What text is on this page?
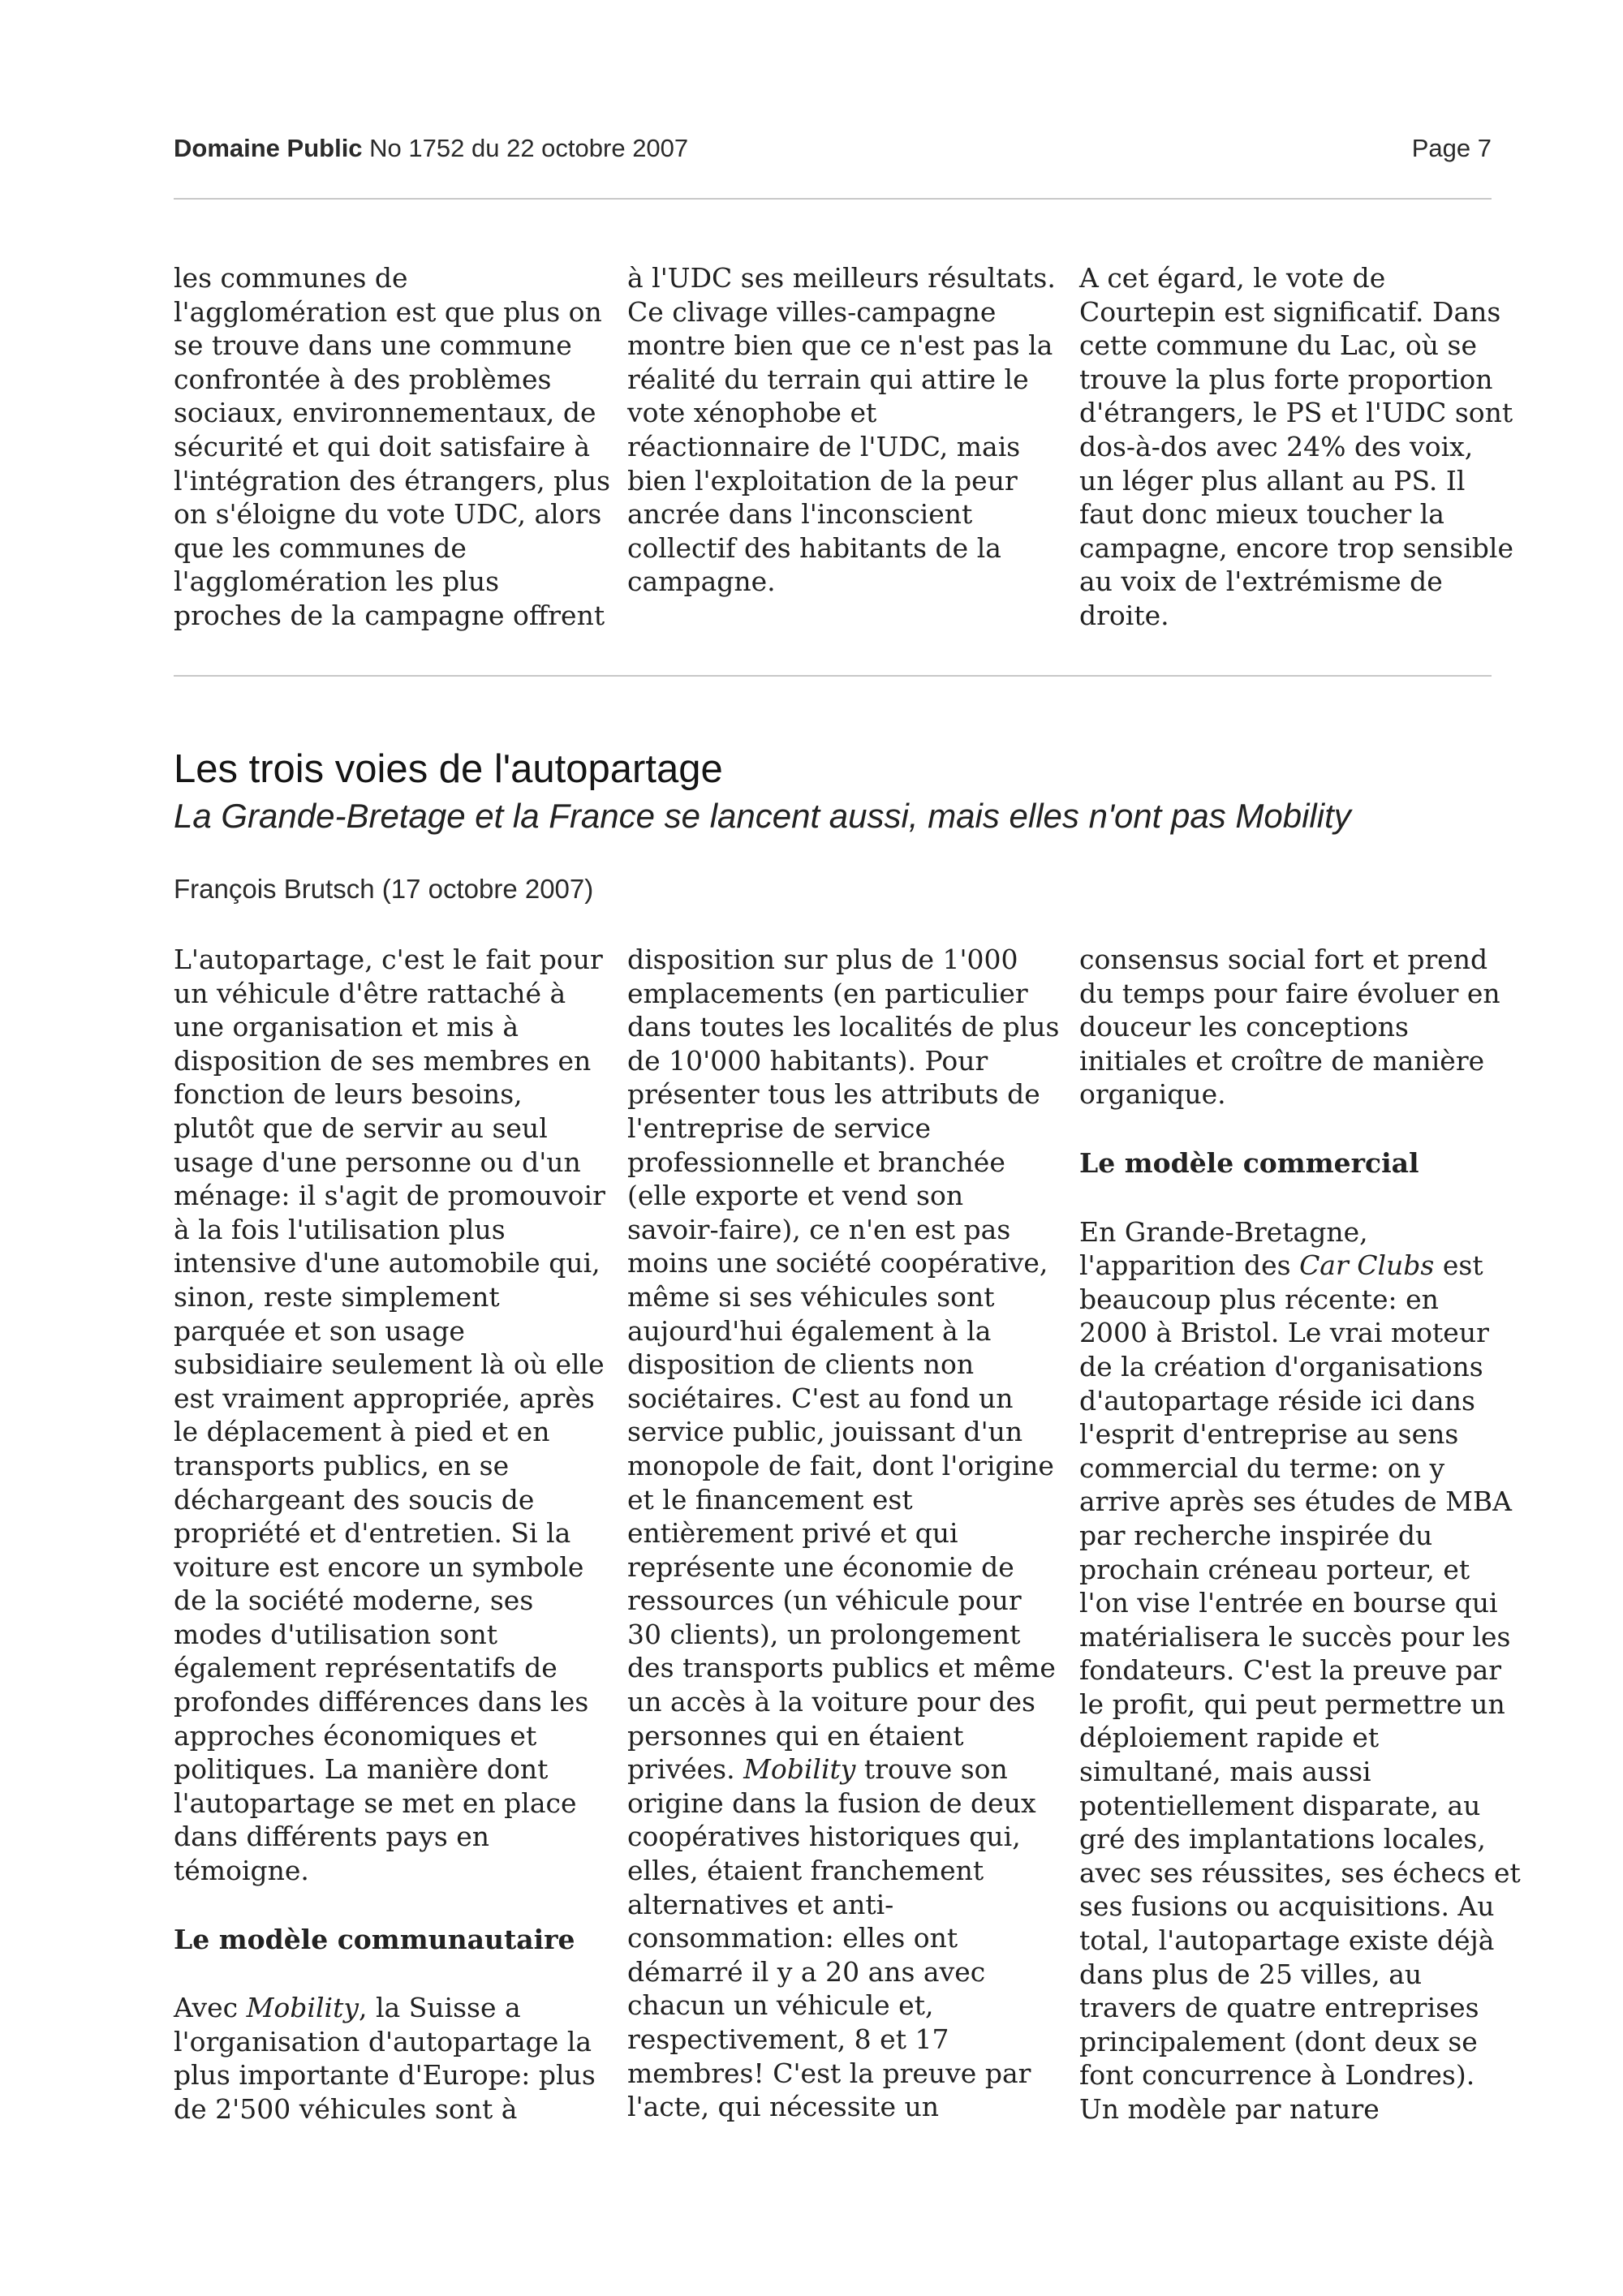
Domaine Public No 1752 du 22 octobre 2007	Page 7

les communes de
l'agglomération est que plus on
se trouve dans une commune
confrontée à des problèmes
sociaux, environnementaux, de
sécurité et qui doit satisfaire à
l'intégration des étrangers, plus
on s'éloigne du vote UDC, alors
que les communes de
l'agglomération les plus
proches de la campagne offrent

à l'UDC ses meilleurs résultats.
Ce clivage villes-campagne
montre bien que ce n'est pas la
réalité du terrain qui attire le
vote xénophobe et
réactionnaire de l'UDC, mais
bien l'exploitation de la peur
ancrée dans l'inconscient
collectif des habitants de la
campagne.

A cet égard, le vote de
Courtepin est significatif. Dans
cette commune du Lac, où se
trouve la plus forte proportion
d'étrangers, le PS et l'UDC sont
dos-à-dos avec 24% des voix,
un léger plus allant au PS. Il
faut donc mieux toucher la
campagne, encore trop sensible
au voix de l'extrémisme de
droite.

Les trois voies de l'autopartage
La Grande-Bretage et la France se lancent aussi, mais elles n'ont pas Mobility
François Brutsch (17 octobre 2007)

L'autopartage, c'est le fait pour
un véhicule d'être rattaché à
une organisation et mis à
disposition de ses membres en
fonction de leurs besoins,
plutôt que de servir au seul
usage d'une personne ou d'un
ménage: il s'agit de promouvoir
à la fois l'utilisation plus
intensive d'une automobile qui,
sinon, reste simplement
parquée et son usage
subsidiaire seulement là où elle
est vraiment appropriée, après
le déplacement à pied et en
transports publics, en se
déchargeant des soucis de
propriété et d'entretien. Si la
voiture est encore un symbole
de la société moderne, ses
modes d'utilisation sont
également représentatifs de
profondes différences dans les
approches économiques et
politiques. La manière dont
l'autopartage se met en place
dans différents pays en
témoigne.

Le modèle communautaire

Avec Mobility, la Suisse a
l'organisation d'autopartage la
plus importante d'Europe: plus
de 2'500 véhicules sont à

disposition sur plus de 1'000
emplacements (en particulier
dans toutes les localités de plus
de 10'000 habitants). Pour
présenter tous les attributs de
l'entreprise de service
professionnelle et branchée
(elle exporte et vend son
savoir-faire), ce n'en est pas
moins une société coopérative,
même si ses véhicules sont
aujourd'hui également à la
disposition de clients non
sociétaires. C'est au fond un
service public, jouissant d'un
monopole de fait, dont l'origine
et le financement est
entièrement privé et qui
représente une économie de
ressources (un véhicule pour
30 clients), un prolongement
des transports publics et même
un accès à la voiture pour des
personnes qui en étaient
privées. Mobility trouve son
origine dans la fusion de deux
coopératives historiques qui,
elles, étaient franchement
alternatives et anti-
consommation: elles ont
démarré il y a 20 ans avec
chacun un véhicule et,
respectivement, 8 et 17
membres! C'est la preuve par
l'acte, qui nécessite un

consensus social fort et prend
du temps pour faire évoluer en
douceur les conceptions
initiales et croître de manière
organique.

Le modèle commercial

En Grande-Bretagne,
l'apparition des Car Clubs est
beaucoup plus récente: en
2000 à Bristol. Le vrai moteur
de la création d'organisations
d'autopartage réside ici dans
l'esprit d'entreprise au sens
commercial du terme: on y
arrive après ses études de MBA
par recherche inspirée du
prochain créneau porteur, et
l'on vise l'entrée en bourse qui
matérialisera le succès pour les
fondateurs. C'est la preuve par
le profit, qui peut permettre un
déploiement rapide et
simultané, mais aussi
potentiellement disparate, au
gré des implantations locales,
avec ses réussites, ses échecs et
ses fusions ou acquisitions. Au
total, l'autopartage existe déjà
dans plus de 25 villes, au
travers de quatre entreprises
principalement (dont deux se
font concurrence à Londres).
Un modèle par nature
